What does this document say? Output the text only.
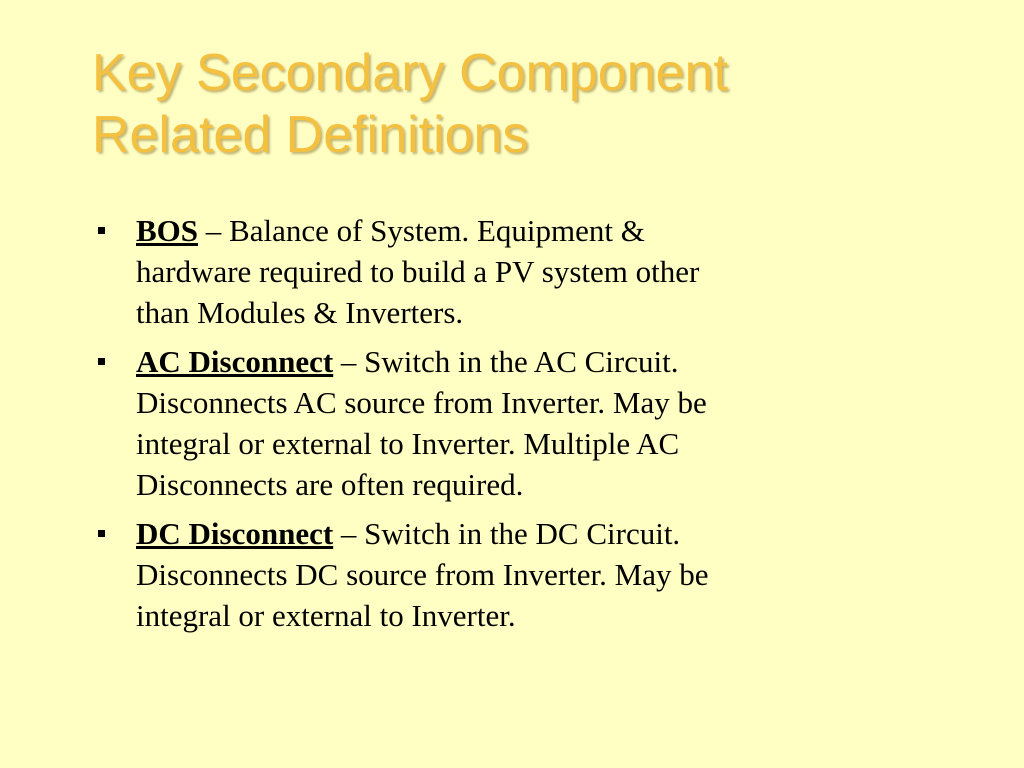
Key Secondary Component
Related Definitions
BOS – Balance of System. Equipment &
hardware required to build a PV system other
than Modules & Inverters.
AC Disconnect – Switch in the AC Circuit.
Disconnects AC source from Inverter. May be
integral or external to Inverter. Multiple AC
Disconnects are often required.
DC Disconnect – Switch in the DC Circuit.
Disconnects DC source from Inverter. May be
integral or external to Inverter.
